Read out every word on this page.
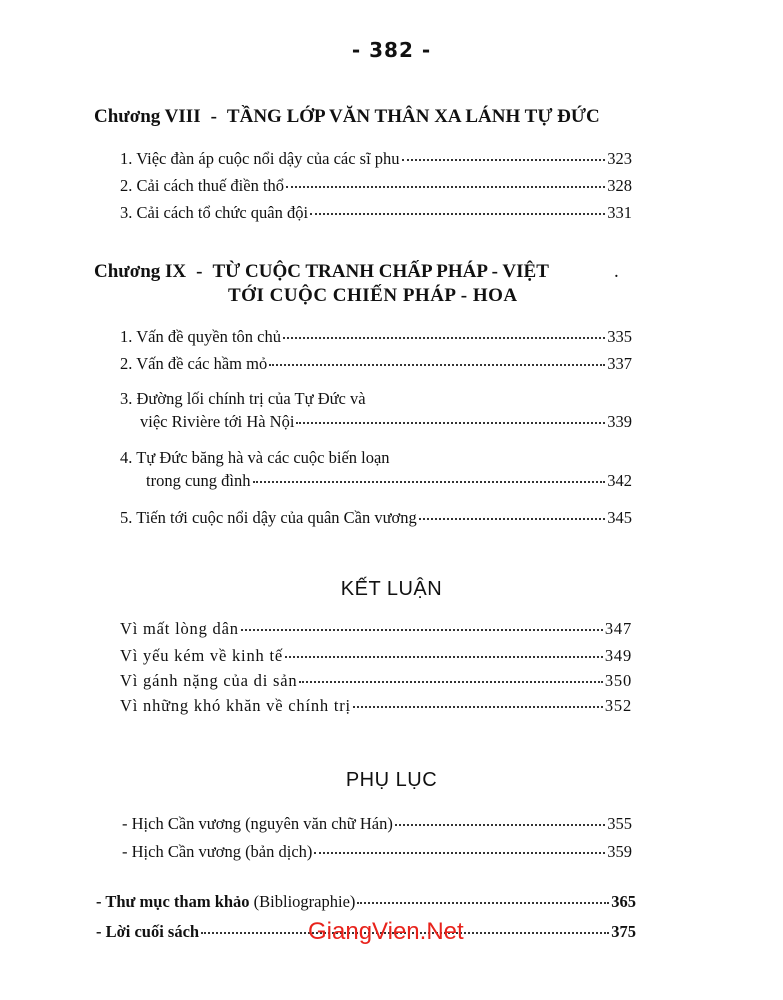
- 382 -
Chương VIII - TẦNG LỚP VĂN THÂN XA LÁNH TỰ ĐỨC
1. Việc đàn áp cuộc nổi dậy của các sĩ phu	323
2. Cải cách thuế điền thổ	328
3. Cải cách tổ chức quân đội	331
Chương IX - TỪ CUỘC TRANH CHẤP PHÁP - VIỆT	.
TỚI CUỘC CHIẾN PHÁP - HOA
1. Vấn đề quyền tôn chủ	335
2. Vấn đề các hầm mỏ	337
3. Đường lối chính trị của Tự Đức và
việc Rivière tới Hà Nội	339
4. Tự Đức băng hà và các cuộc biến loạn
trong cung đình	342
5. Tiến tới cuộc nổi dậy của quân Cần vương	345
KẾT LUẬN
Vì mất lòng dân	347
Vì yếu kém về kinh tế	349
Vì gánh nặng của di sản	350
Vì những khó khăn về chính trị	352
PHỤ LỤC
- Hịch Cần vương (nguyên văn chữ Hán)	355
- Hịch Cần vương (bản dịch)	359
- Thư mục tham khảo (Bibliographie)	365
- Lời cuối sách	375
GiangVien.Net
